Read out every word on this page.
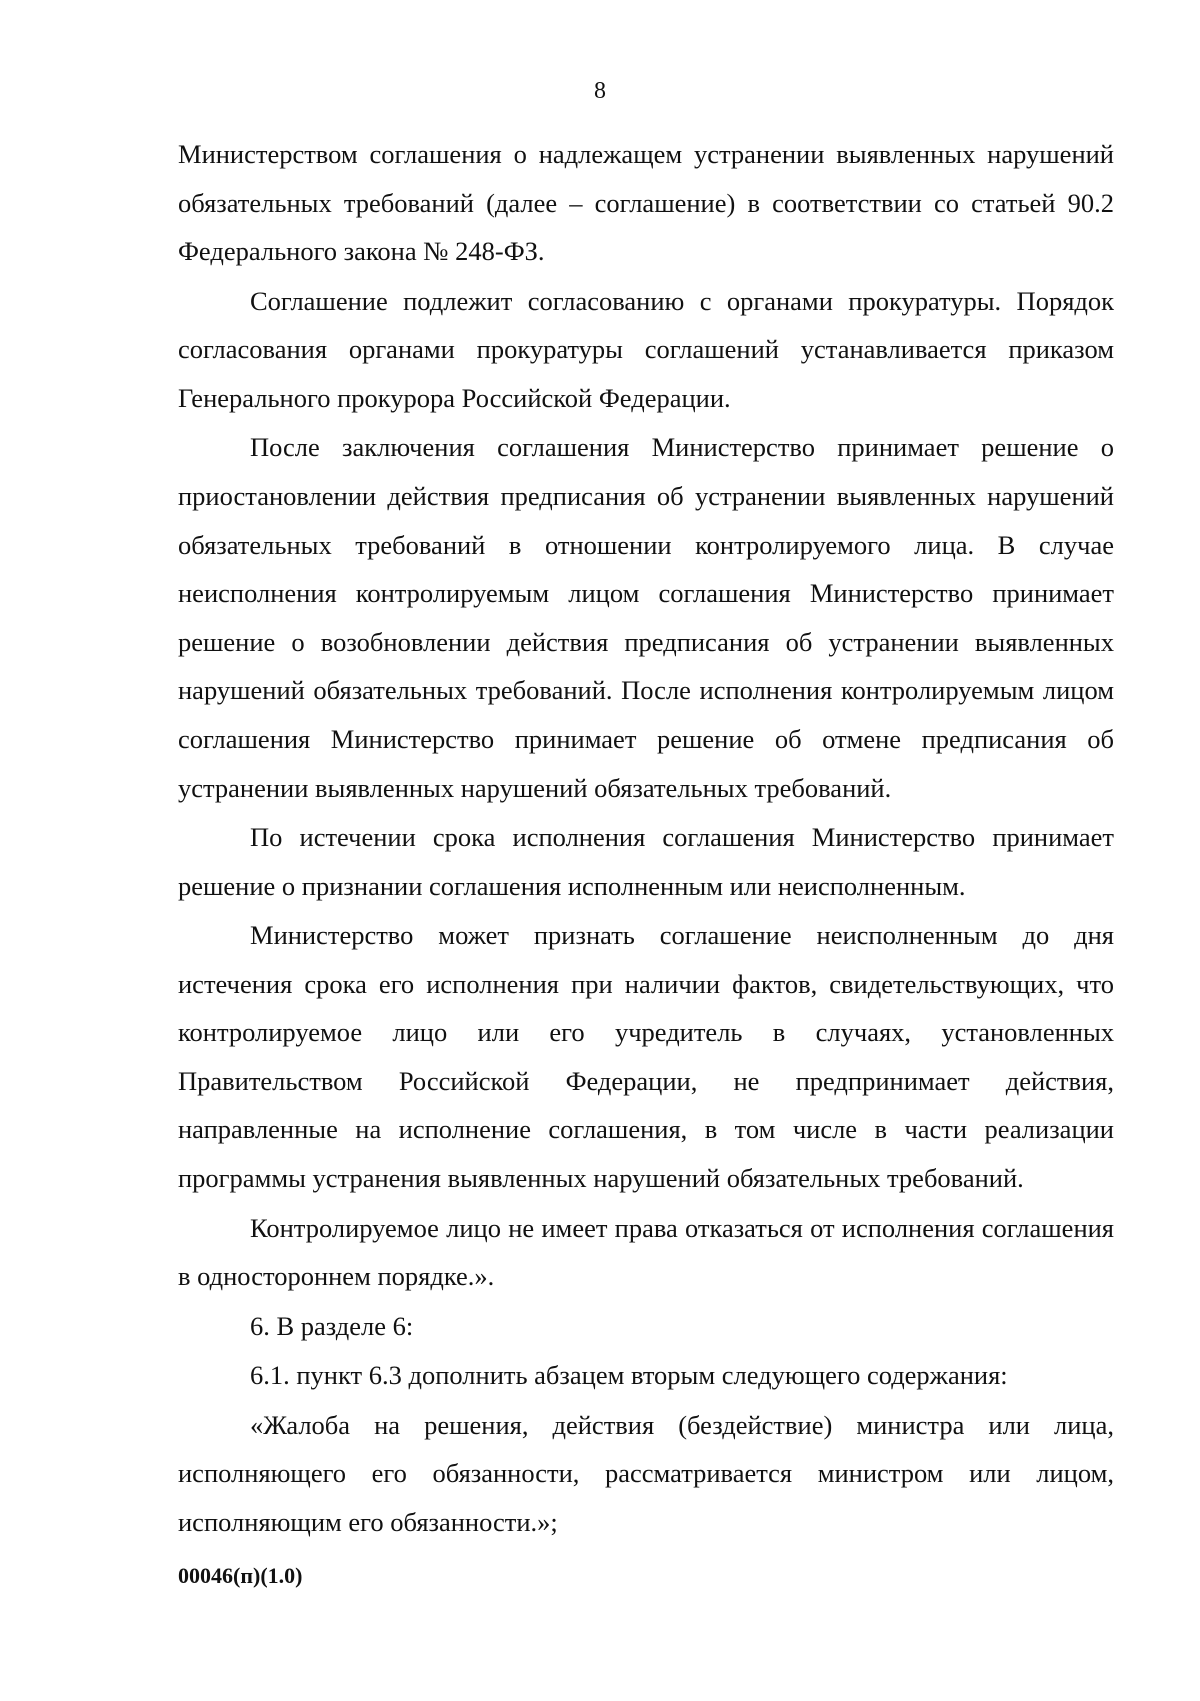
8

Министерством соглашения о надлежащем устранении выявленных нарушений обязательных требований (далее – соглашение) в соответствии со статьей 90.2 Федерального закона № 248-ФЗ.

Соглашение подлежит согласованию с органами прокуратуры. Порядок согласования органами прокуратуры соглашений устанавливается приказом Генерального прокурора Российской Федерации.

После заключения соглашения Министерство принимает решение о приостановлении действия предписания об устранении выявленных нарушений обязательных требований в отношении контролируемого лица. В случае неисполнения контролируемым лицом соглашения Министерство принимает решение о возобновлении действия предписания об устранении выявленных нарушений обязательных требований. После исполнения контролируемым лицом соглашения Министерство принимает решение об отмене предписания об устранении выявленных нарушений обязательных требований.

По истечении срока исполнения соглашения Министерство принимает решение о признании соглашения исполненным или неисполненным.

Министерство может признать соглашение неисполненным до дня истечения срока его исполнения при наличии фактов, свидетельствующих, что контролируемое лицо или его учредитель в случаях, установленных Правительством Российской Федерации, не предпринимает действия, направленные на исполнение соглашения, в том числе в части реализации программы устранения выявленных нарушений обязательных требований.

Контролируемое лицо не имеет права отказаться от исполнения соглашения в одностороннем порядке.».

6. В разделе 6:

6.1. пункт 6.3 дополнить абзацем вторым следующего содержания:

«Жалоба на решения, действия (бездействие) министра или лица, исполняющего его обязанности, рассматривается министром или лицом, исполняющим его обязанности.»;

00046(п)(1.0)
